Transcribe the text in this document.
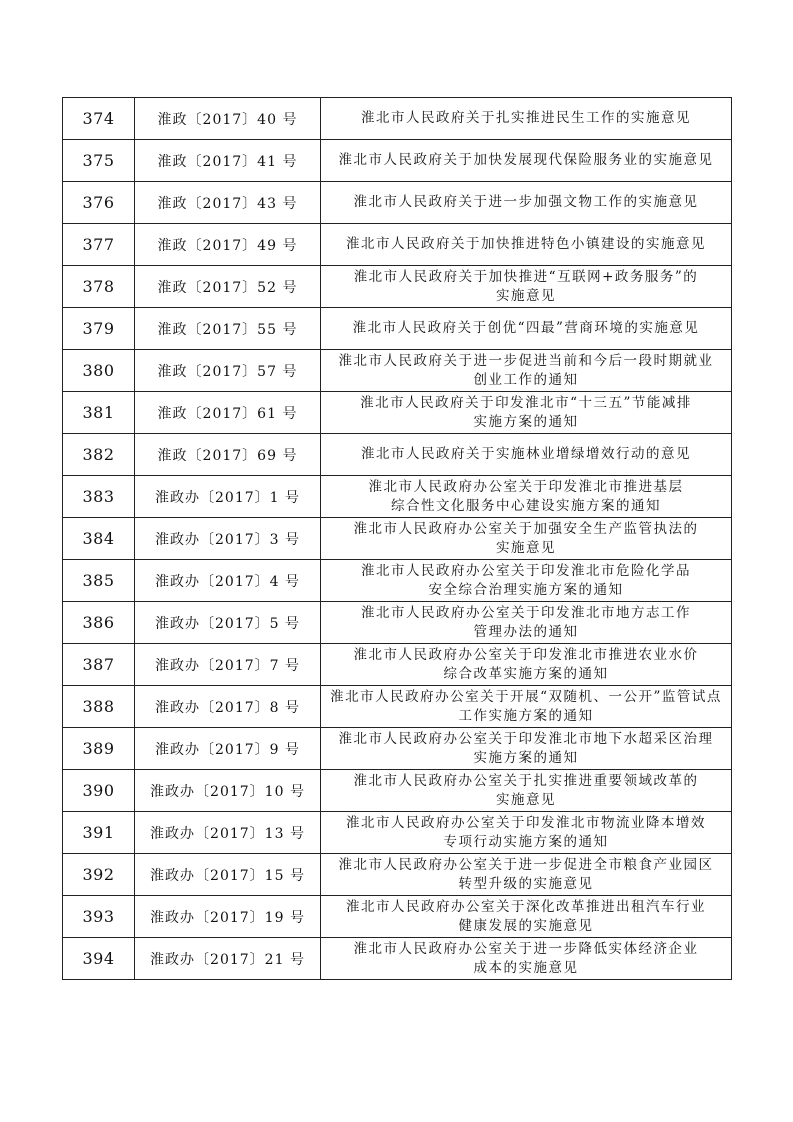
374	淮政〔2017〕40 号	淮北市人民政府关于扎实推进民生工作的实施意见

375	淮政〔2017〕41 号	淮北市人民政府关于加快发展现代保险服务业的实施意见

376	淮政〔2017〕43 号	淮北市人民政府关于进一步加强文物工作的实施意见

377	淮政〔2017〕49 号	淮北市人民政府关于加快推进特色小镇建设的实施意见

378	淮政〔2017〕52 号	淮北市人民政府关于加快推进“互联网+政务服务”的
实施意见

379	淮政〔2017〕55 号	淮北市人民政府关于创优“四最”营商环境的实施意见

380	淮政〔2017〕57 号	淮北市人民政府关于进一步促进当前和今后一段时期就业
创业工作的通知

381	淮政〔2017〕61 号	淮北市人民政府关于印发淮北市“十三五”节能减排
实施方案的通知

382	淮政〔2017〕69 号	淮北市人民政府关于实施林业增绿增效行动的意见

383	淮政办〔2017〕1 号	淮北市人民政府办公室关于印发淮北市推进基层
综合性文化服务中心建设实施方案的通知

384	淮政办〔2017〕3 号	淮北市人民政府办公室关于加强安全生产监管执法的
实施意见

385	淮政办〔2017〕4 号	淮北市人民政府办公室关于印发淮北市危险化学品
安全综合治理实施方案的通知

386	淮政办〔2017〕5 号	淮北市人民政府办公室关于印发淮北市地方志工作
管理办法的通知

387	淮政办〔2017〕7 号	淮北市人民政府办公室关于印发淮北市推进农业水价
综合改革实施方案的通知

388	淮政办〔2017〕8 号	淮北市人民政府办公室关于开展“双随机、一公开”监管试点
工作实施方案的通知

389	淮政办〔2017〕9 号	淮北市人民政府办公室关于印发淮北市地下水超采区治理
实施方案的通知

390	淮政办〔2017〕10 号	淮北市人民政府办公室关于扎实推进重要领域改革的
实施意见

391	淮政办〔2017〕13 号	淮北市人民政府办公室关于印发淮北市物流业降本增效
专项行动实施方案的通知

392	淮政办〔2017〕15 号	淮北市人民政府办公室关于进一步促进全市粮食产业园区
转型升级的实施意见

393	淮政办〔2017〕19 号	淮北市人民政府办公室关于深化改革推进出租汽车行业
健康发展的实施意见

394	淮政办〔2017〕21 号	淮北市人民政府办公室关于进一步降低实体经济企业
成本的实施意见
